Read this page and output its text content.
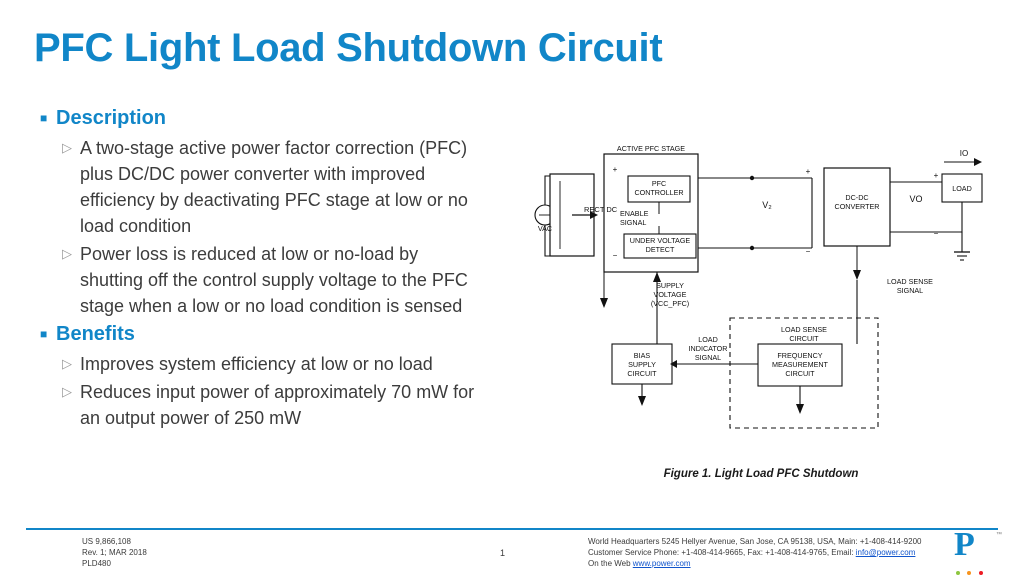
PFC Light Load Shutdown Circuit
■ Description
▷ A two-stage active power factor correction (PFC) plus DC/DC power converter with improved efficiency by deactivating PFC stage at low or no load condition
▷ Power loss is reduced at low or no-load by shutting off the control supply voltage to the PFC stage when a low or no load condition is sensed
■ Benefits
▷ Improves system efficiency at low or no load
▷ Reduces input power of approximately 70 mW for an output power of 250 mW
ACTIVE PFC STAGE
PFC
CONTROLLER
ENABLE
SIGNAL
UNDER VOLTAGE
DETECT
DC-DC
CONVERTER
LOAD
VAC
RECT DC	V₂
VO
IO
LOAD SENSE
CIRCUIT
FREQUENCY
MEASUREMENT
CIRCUIT
BIAS
SUPPLY
CIRCUIT
LOAD
INDICATOR
SIGNAL
SUPPLY
VOLTAGE
(VCC_PFC)
LOAD SENSE
SIGNAL
+
−
+
−
+
−
Figure 1. Light Load PFC Shutdown
US 9,866,108
Rev. 1; MAR 2018
PLD480
1
World Headquarters 5245 Hellyer Avenue, San Jose, CA 95138, USA, Main: +1-408-414-9200
Customer Service Phone: +1-408-414-9665, Fax: +1-408-414-9765, Email: info@power.com
On the Web www.power.com
P	™
